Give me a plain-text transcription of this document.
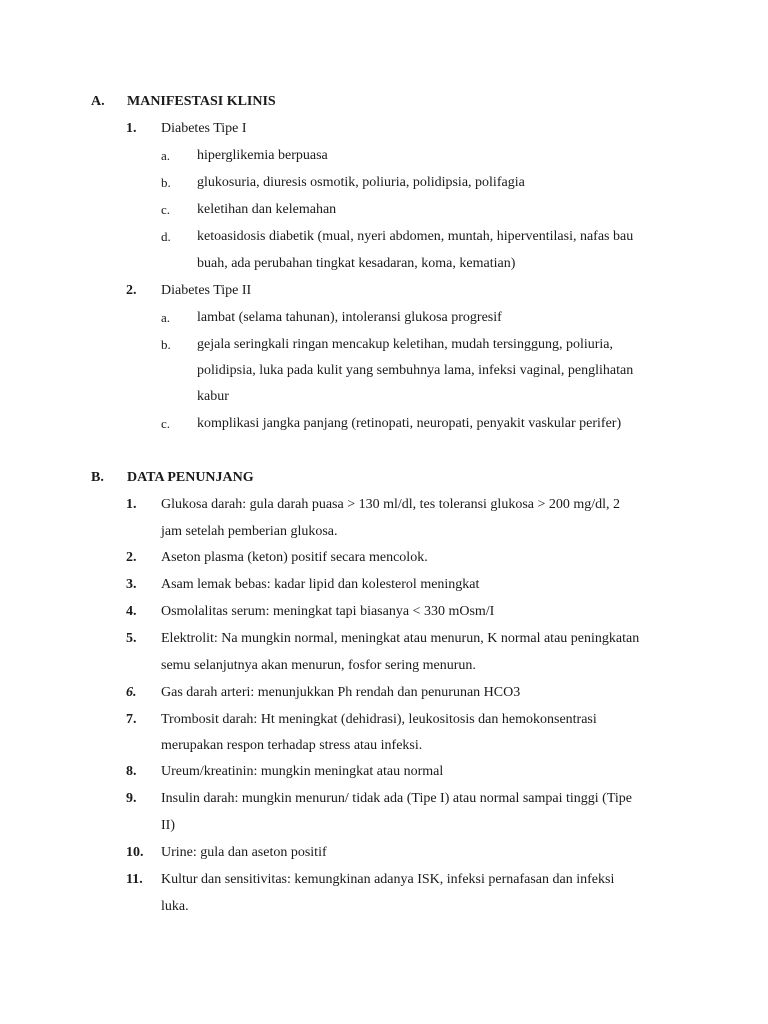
A. MANIFESTASI KLINIS
1. Diabetes Tipe I
a. hiperglikemia berpuasa
b. glukosuria, diuresis osmotik, poliuria, polidipsia, polifagia
c. keletihan dan kelemahan
d. ketoasidosis diabetik (mual, nyeri abdomen, muntah, hiperventilasi, nafas bau
buah, ada perubahan tingkat kesadaran, koma, kematian)
2. Diabetes Tipe II
a. lambat (selama tahunan), intoleransi glukosa progresif
b. gejala seringkali ringan mencakup keletihan, mudah tersinggung, poliuria,
polidipsia, luka pada kulit yang sembuhnya lama, infeksi vaginal, penglihatan
kabur
c. komplikasi jangka panjang (retinopati, neuropati, penyakit vaskular perifer)
B. DATA PENUNJANG
1. Glukosa darah: gula darah puasa > 130 ml/dl, tes toleransi glukosa > 200 mg/dl, 2
jam setelah pemberian glukosa.
2. Aseton plasma (keton) positif secara mencolok.
3. Asam lemak bebas: kadar lipid dan kolesterol meningkat
4. Osmolalitas serum: meningkat tapi biasanya < 330 mOsm/I
5. Elektrolit: Na mungkin normal, meningkat atau menurun, K normal atau peningkatan
semu selanjutnya akan menurun, fosfor sering menurun.
6. Gas darah arteri: menunjukkan Ph rendah dan penurunan HCO3
7. Trombosit darah: Ht meningkat (dehidrasi), leukositosis dan hemokonsentrasi
merupakan respon terhadap stress atau infeksi.
8. Ureum/kreatinin: mungkin meningkat atau normal
9. Insulin darah: mungkin menurun/ tidak ada (Tipe I) atau normal sampai tinggi (Tipe
II)
10. Urine: gula dan aseton positif
11. Kultur dan sensitivitas: kemungkinan adanya ISK, infeksi pernafasan dan infeksi
luka.
